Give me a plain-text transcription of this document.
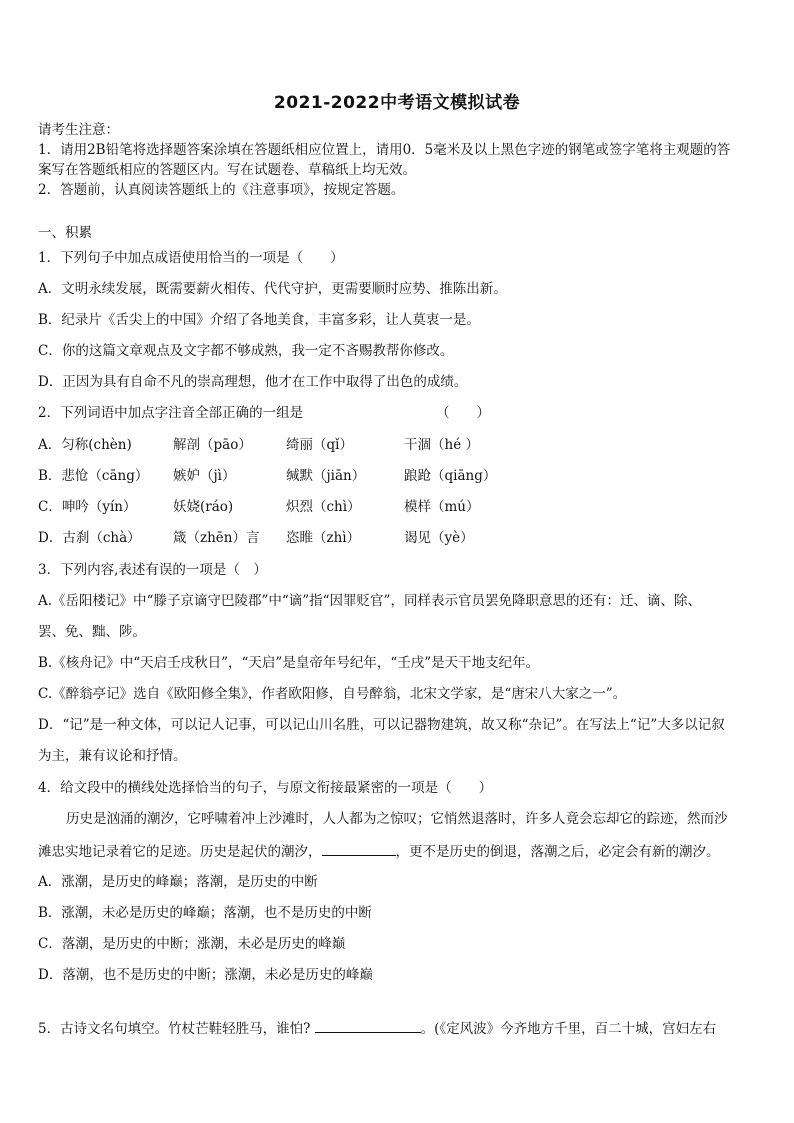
2021-2022中考语文模拟试卷
请考生注意：
1．请用2B铅笔将选择题答案涂填在答题纸相应位置上，请用0．5毫米及以上黑色字迹的钢笔或签字笔将主观题的答
案写在答题纸相应的答题区内。写在试题卷、草稿纸上均无效。
2．答题前，认真阅读答题纸上的《注意事项》，按规定答题。
一、积累
1．下列句子中加点成语使用恰当的一项是（　　）
A．文明永续发展，既需要薪火相传、代代守护，更需要顺时应势、推陈出新。
B．纪录片《舌尖上的中国》介绍了各地美食，丰富多彩，让人莫衷一是。
C．你的这篇文章观点及文字都不够成熟，我一定不吝赐教帮你修改。
D．正因为具有自命不凡的崇高理想，他才在工作中取得了出色的成绩。
2．下列词语中加点字注音全部正确的一组是	（　　）
A．匀称(chèn)	解剖（pāo）	绮丽（qǐ）	干涸（hé ）
B．悲怆（cāng） 嫉妒（jì）	缄默（jiān）	踉跄（qiāng）
C．呻吟（yín）	妖娆(ráo)	炽烈（chì）	模样（mú）
D．古刹（chà） 箴（zhēn）言 恣睢（zhì）	谒见（yè）
3．下列内容,表述有误的一项是（　）
A.《岳阳楼记》中“滕子京谪守巴陵郡”中“谪”指“因罪贬官”，同样表示官员罢免降职意思的还有：迁、谪、除、
罢、免、黜、陟。
B.《核舟记》中“天启壬戌秋日”，“天启”是皇帝年号纪年，“壬戌”是天干地支纪年。
C.《醉翁亭记》选自《欧阳修全集》，作者欧阳修，自号醉翁，北宋文学家，是“唐宋八大家之一”。
D．“记”是一种文体，可以记人记事，可以记山川名胜，可以记器物建筑，故又称“杂记”。在写法上“记”大多以记叙
为主，兼有议论和抒情。
4．给文段中的横线处选择恰当的句子，与原文衔接最紧密的一项是（　　）
历史是汹涌的潮汐，它呼啸着冲上沙滩时，人人都为之惊叹；它悄然退落时，许多人竟会忘却它的踪迹，然而沙
滩忠实地记录着它的足迹。历史是起伏的潮汐，	，更不是历史的倒退，落潮之后，必定会有新的潮汐。
A．涨潮，是历史的峰巅；落潮，是历史的中断
B．涨潮，未必是历史的峰巅；落潮，也不是历史的中断
C．落潮，是历史的中断；涨潮，未必是历史的峰巅
D．落潮，也不是历史的中断；涨潮，未必是历史的峰巅
5．古诗文名句填空。竹杖芒鞋轻胜马，谁怕?	。(《定风波》今齐地方千里，百二十城，宫妇左右
